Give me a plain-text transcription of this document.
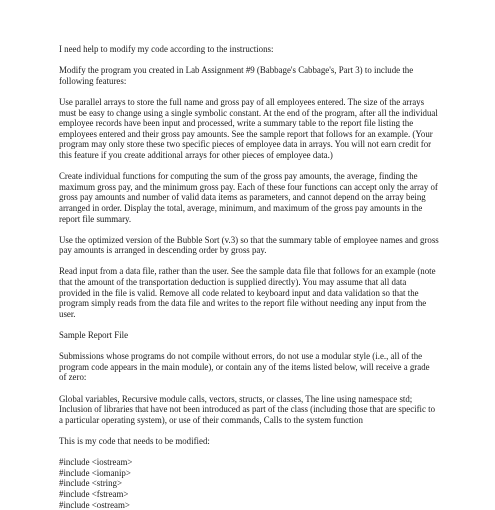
I need help to modify my code according to the instructions:

Modify the program you created in Lab Assignment #9 (Babbage's Cabbage's, Part 3) to include the following features:

Use parallel arrays to store the full name and gross pay of all employees entered. The size of the arrays must be easy to change using a single symbolic constant. At the end of the program, after all the individual employee records have been input and processed, write a summary table to the report file listing the employees entered and their gross pay amounts. See the sample report that follows for an example. (Your program may only store these two specific pieces of employee data in arrays. You will not earn credit for this feature if you create additional arrays for other pieces of employee data.)

Create individual functions for computing the sum of the gross pay amounts, the average, finding the maximum gross pay, and the minimum gross pay. Each of these four functions can accept only the array of gross pay amounts and number of valid data items as parameters, and cannot depend on the array being arranged in order. Display the total, average, minimum, and maximum of the gross pay amounts in the report file summary.

Use the optimized version of the Bubble Sort (v.3) so that the summary table of employee names and gross pay amounts is arranged in descending order by gross pay.

Read input from a data file, rather than the user. See the sample data file that follows for an example (note that the amount of the transportation deduction is supplied directly). You may assume that all data provided in the file is valid. Remove all code related to keyboard input and data validation so that the program simply reads from the data file and writes to the report file without needing any input from the user.

Sample Report File

Submissions whose programs do not compile without errors, do not use a modular style (i.e., all of the program code appears in the main module), or contain any of the items listed below, will receive a grade of zero:

Global variables, Recursive module calls, vectors, structs, or classes, The line using namespace std; Inclusion of libraries that have not been introduced as part of the class (including those that are specific to a particular operating system), or use of their commands, Calls to the system function

This is my code that needs to be modified:

#include <iostream>
#include <iomanip>
#include <string>
#include <fstream>
#include <ostream>
